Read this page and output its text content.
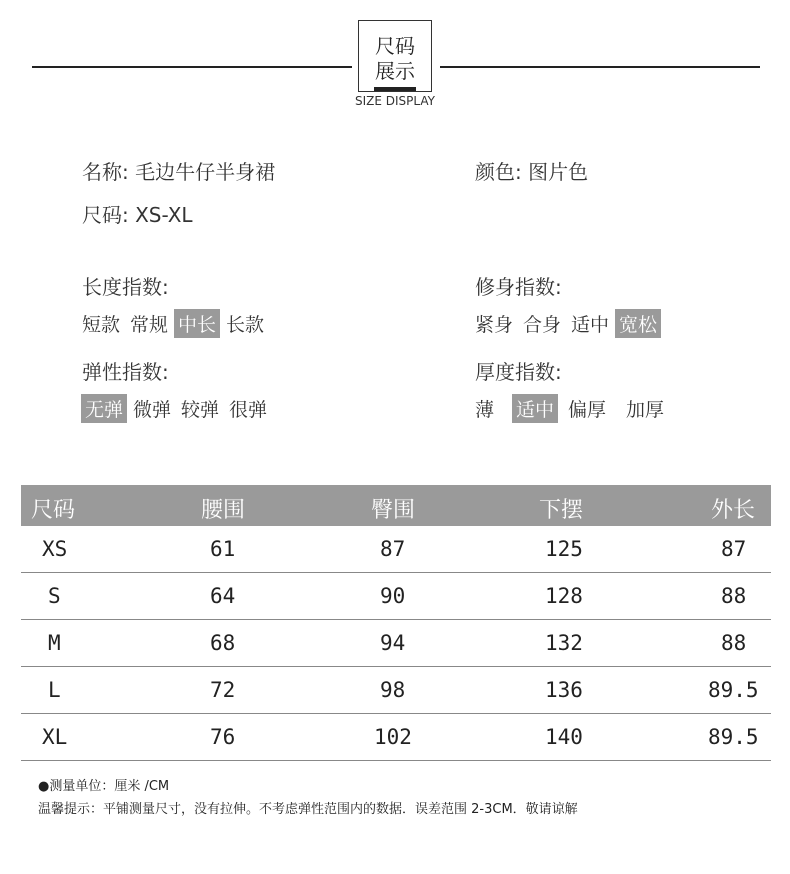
尺码
展示
SIZE DISPLAY
名称: 毛边牛仔半身裙	颜色: 图片色
尺码: XS-XL
长度指数:
短款 常规 中长 长款
修身指数:
紧身 合身 适中 宽松
弹性指数:
无弹 微弹 较弹 很弹
厚度指数:
薄 适中 偏厚 加厚
尺码	腰围	臀围	下摆	外长
XS	61	87	125	87
S	64	90	128	88
M	68	94	132	88
L	72	98	136	89.5
XL	76	102	140	89.5
●测量单位：厘米 /CM
温馨提示：平铺测量尺寸，没有拉伸。不考虑弹性范围内的数据．误差范围 2-3CM．敬请谅解
